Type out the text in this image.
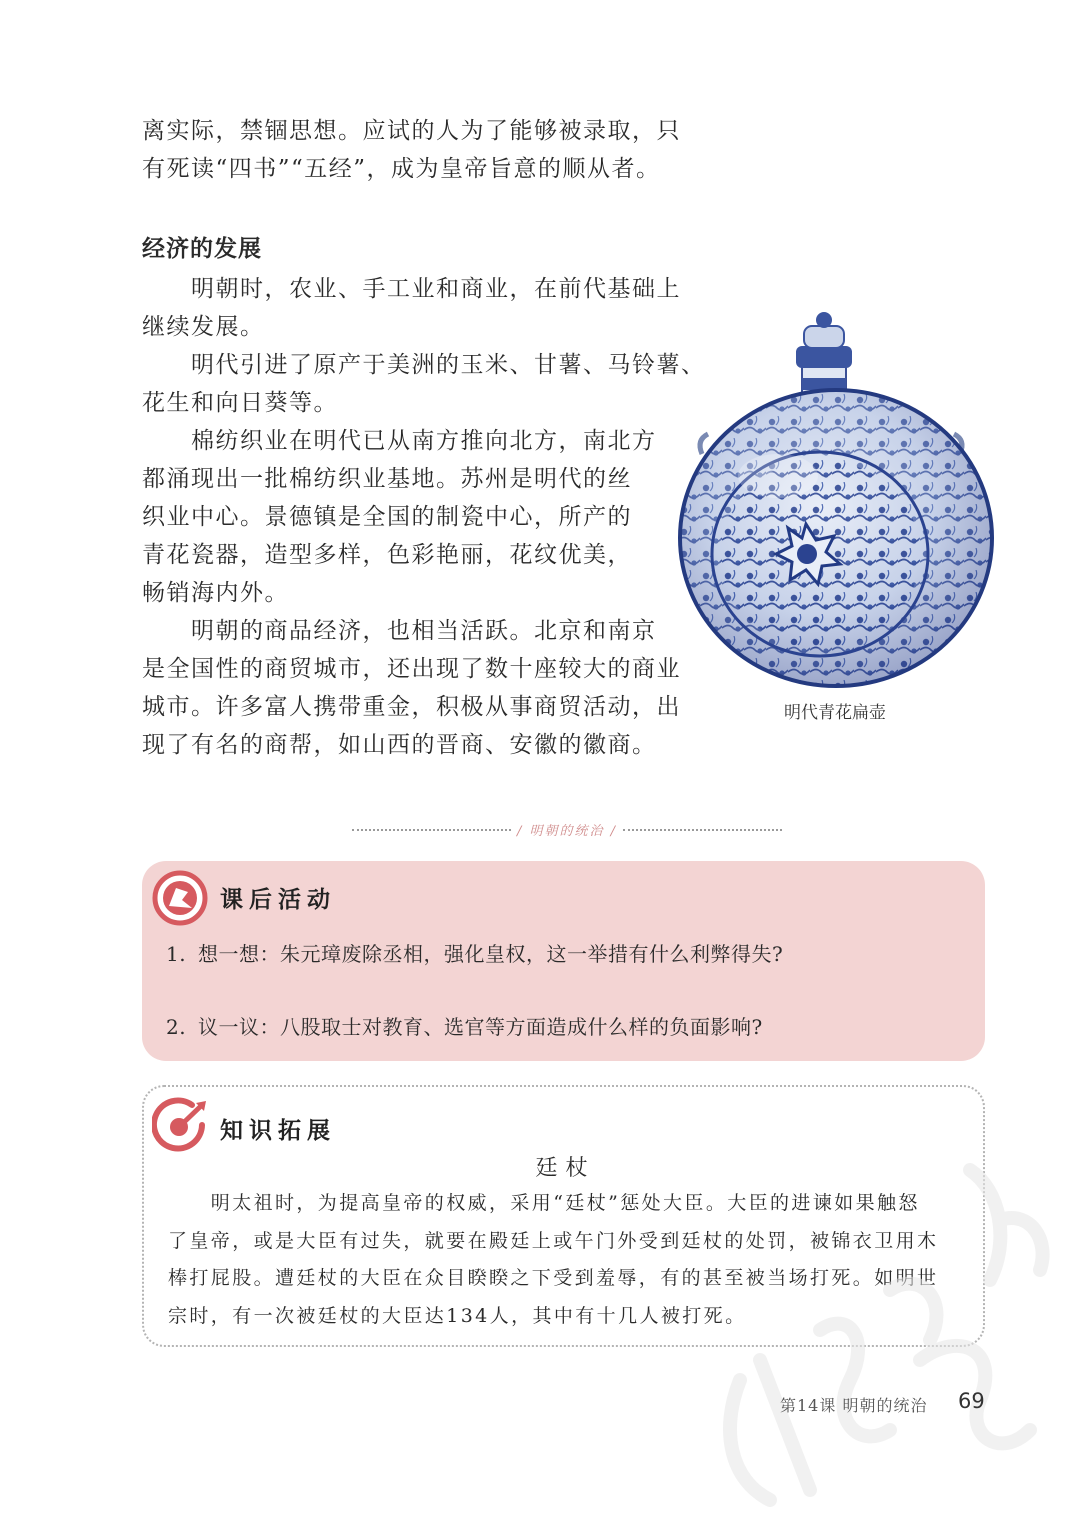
离实际，禁锢思想。应试的人为了能够被录取，只
有死读“四书”“五经”，成为皇帝旨意的顺从者。
经济的发展
　　明朝时，农业、手工业和商业，在前代基础上
继续发展。
　　明代引进了原产于美洲的玉米、甘薯、马铃薯、
花生和向日葵等。
　　棉纺织业在明代已从南方推向北方，南北方
都涌现出一批棉纺织业基地。苏州是明代的丝
织业中心。景德镇是全国的制瓷中心，所产的
青花瓷器，造型多样，色彩艳丽，花纹优美，
畅销海内外。
　　明朝的商品经济，也相当活跃。北京和南京
是全国性的商贸城市，还出现了数十座较大的商业
城市。许多富人携带重金，积极从事商贸活动，出
现了有名的商帮，如山西的晋商、安徽的徽商。
明代青花扁壶
/ 明朝的统治 /
课后活动
1. 想一想：朱元璋废除丞相，强化皇权，这一举措有什么利弊得失?
2. 议一议：八股取士对教育、选官等方面造成什么样的负面影响?
知识拓展
廷杖
　　明太祖时，为提高皇帝的权威，采用“廷杖”惩处大臣。大臣的进谏如果触怒
了皇帝，或是大臣有过失，就要在殿廷上或午门外受到廷杖的处罚，被锦衣卫用木
棒打屁股。遭廷杖的大臣在众目睽睽之下受到羞辱，有的甚至被当场打死。如明世
宗时，有一次被廷杖的大臣达134人，其中有十几人被打死。
第14课 明朝的统治 69
